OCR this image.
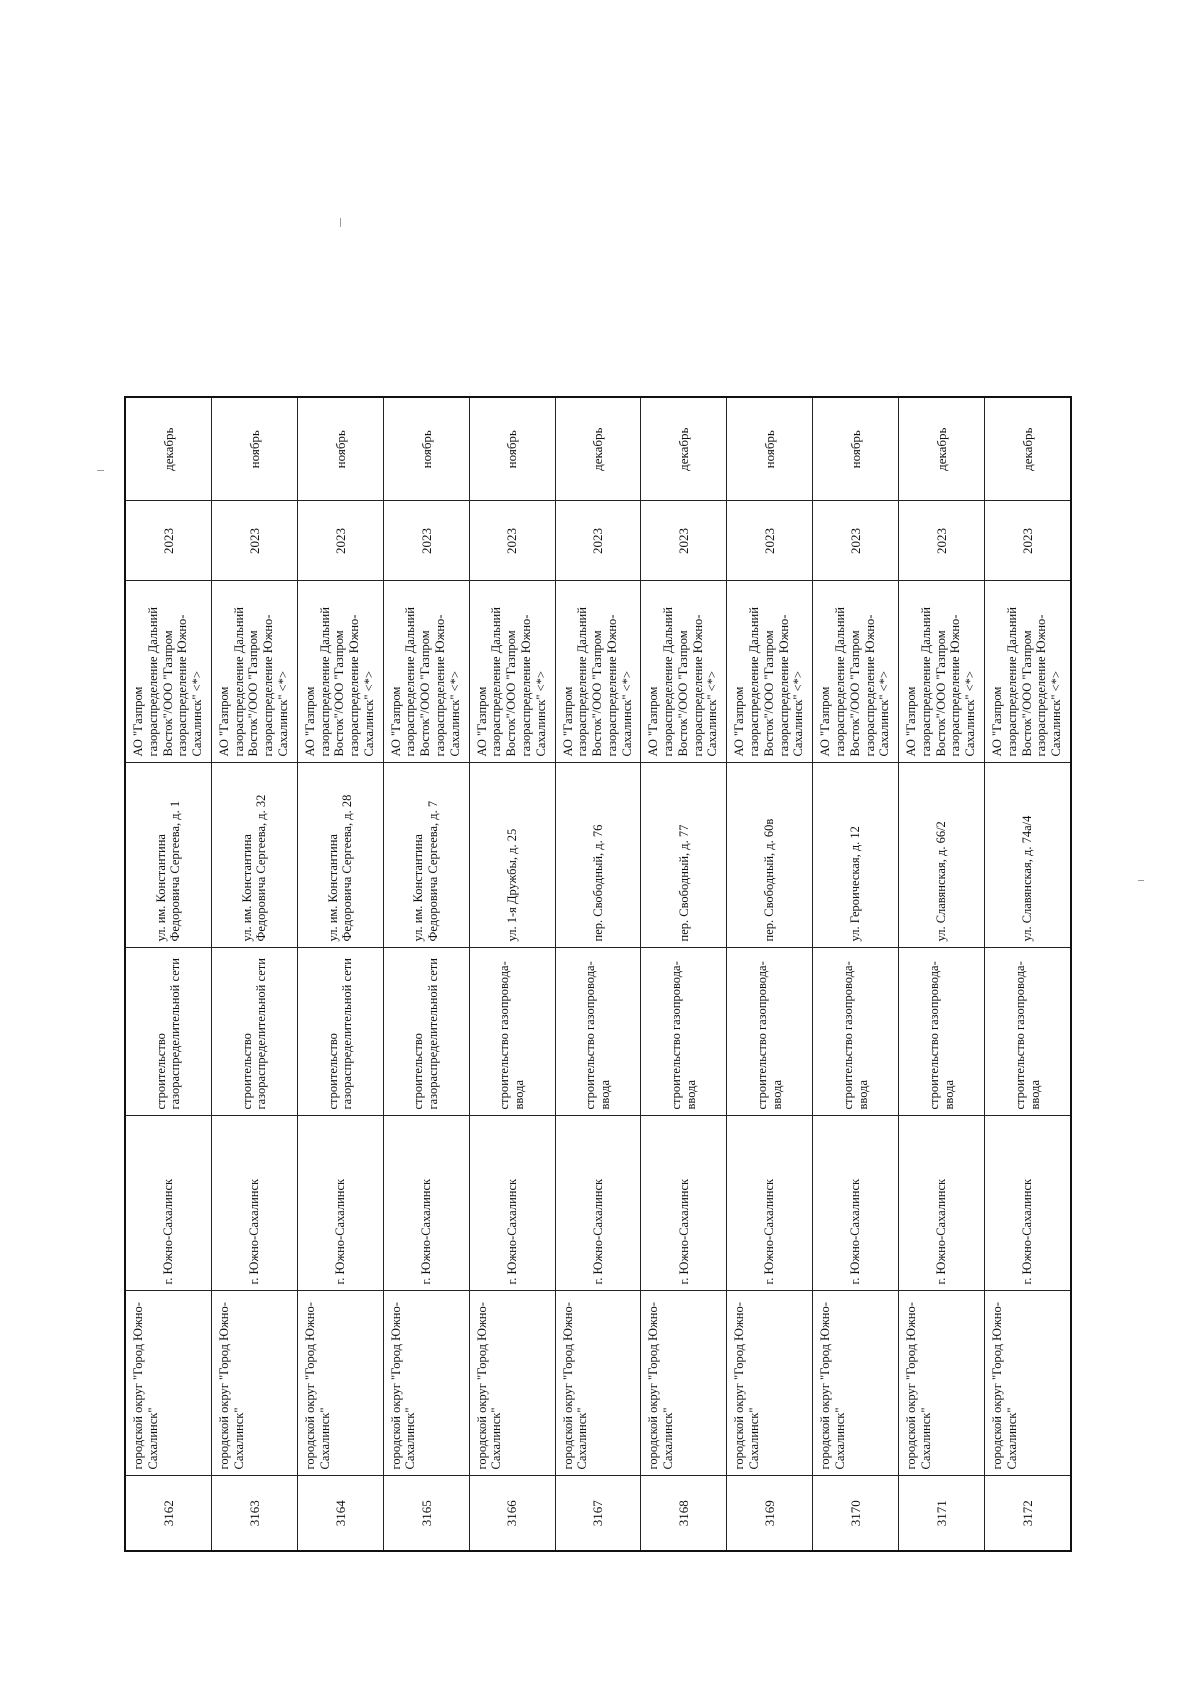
3162	городской округ "Город Южно-Сахалинск"	г. Южно-Сахалинск	строительство газораспределительной сети	ул. им. Константина Федоровича Сергеева, д. 1	АО "Газпром газораспределение Дальний Восток"/ООО "Газпром газораспределение Южно-Сахалинск" <*>	2023	декабрь
3163	городской округ "Город Южно-Сахалинск"	г. Южно-Сахалинск	строительство газораспределительной сети	ул. им. Константина Федоровича Сергеева, д. 32	АО "Газпром газораспределение Дальний Восток"/ООО "Газпром газораспределение Южно-Сахалинск" <*>	2023	ноябрь
3164	городской округ "Город Южно-Сахалинск"	г. Южно-Сахалинск	строительство газораспределительной сети	ул. им. Константина Федоровича Сергеева, д. 28	АО "Газпром газораспределение Дальний Восток"/ООО "Газпром газораспределение Южно-Сахалинск" <*>	2023	ноябрь
3165	городской округ "Город Южно-Сахалинск"	г. Южно-Сахалинск	строительство газораспределительной сети	ул. им. Константина Федоровича Сергеева, д. 7	АО "Газпром газораспределение Дальний Восток"/ООО "Газпром газораспределение Южно-Сахалинск" <*>	2023	ноябрь
3166	городской округ "Город Южно-Сахалинск"	г. Южно-Сахалинск	строительство газопровода-ввода	ул. 1-я Дружбы, д. 25	АО "Газпром газораспределение Дальний Восток"/ООО "Газпром газораспределение Южно-Сахалинск" <*>	2023	ноябрь
3167	городской округ "Город Южно-Сахалинск"	г. Южно-Сахалинск	строительство газопровода-ввода	пер. Свободный, д. 76	АО "Газпром газораспределение Дальний Восток"/ООО "Газпром газораспределение Южно-Сахалинск" <*>	2023	декабрь
3168	городской округ "Город Южно-Сахалинск"	г. Южно-Сахалинск	строительство газопровода-ввода	пер. Свободный, д. 77	АО "Газпром газораспределение Дальний Восток"/ООО "Газпром газораспределение Южно-Сахалинск" <*>	2023	декабрь
3169	городской округ "Город Южно-Сахалинск"	г. Южно-Сахалинск	строительство газопровода-ввода	пер. Свободный, д. 60в	АО "Газпром газораспределение Дальний Восток"/ООО "Газпром газораспределение Южно-Сахалинск" <*>	2023	ноябрь
3170	городской округ "Город Южно-Сахалинск"	г. Южно-Сахалинск	строительство газопровода-ввода	ул. Героическая, д. 12	АО "Газпром газораспределение Дальний Восток"/ООО "Газпром газораспределение Южно-Сахалинск" <*>	2023	ноябрь
3171	городской округ "Город Южно-Сахалинск"	г. Южно-Сахалинск	строительство газопровода-ввода	ул. Славянская, д. 66/2	АО "Газпром газораспределение Дальний Восток"/ООО "Газпром газораспределение Южно-Сахалинск" <*>	2023	декабрь
3172	городской округ "Город Южно-Сахалинск"	г. Южно-Сахалинск	строительство газопровода-ввода	ул. Славянская, д. 74а/4	АО "Газпром газораспределение Дальний Восток"/ООО "Газпром газораспределение Южно-Сахалинск" <*>	2023	декабрь
